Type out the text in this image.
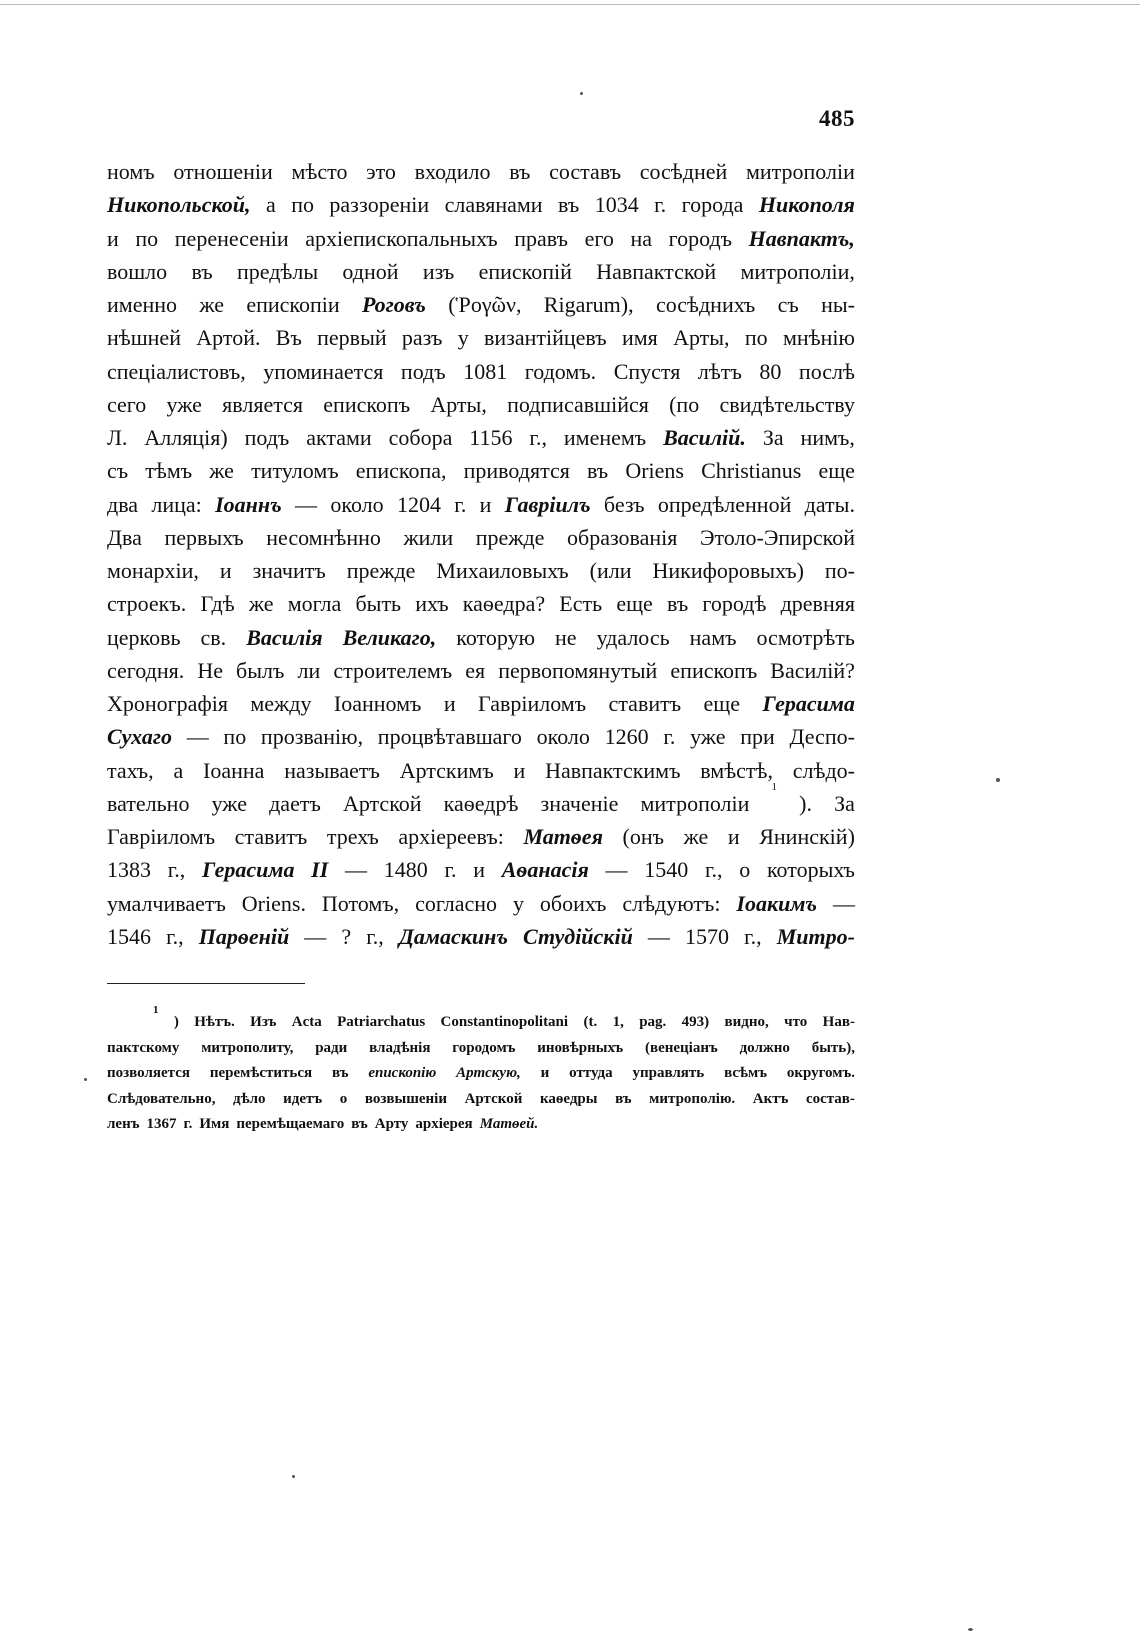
485
номъ отношеніи мѣсто это входило въ составъ сосѣдней митрополіи
Никопольской, а по раззореніи славянами въ 1034 г. города Никополя
и по перенесеніи архіепископальныхъ правъ его на городъ Навпактъ,
вошло въ предѣлы одной изъ епископій Навпактской митрополіи,
именно же епископіи Роговъ (Ῥογῶν, Rigarum), сосѣднихъ съ ны-
нѣшней Артой. Въ первый разъ у византійцевъ имя Арты, по мнѣнію
спеціалистовъ, упоминается подъ 1081 годомъ. Спустя лѣтъ 80 послѣ
сего уже является епископъ Арты, подписавшійся (по свидѣтельству
Л. Алляція) подъ актами собора 1156 г., именемъ Василій. За нимъ,
съ тѣмъ же титуломъ епископа, приводятся въ Oriens Christianus еще
два лица: Іоаннъ — около 1204 г. и Гавріилъ безъ опредѣленной даты.
Два первыхъ несомнѣнно жили прежде образованія Этоло-Эпирской
монархіи, и значитъ прежде Михаиловыхъ (или Никифоровыхъ) по-
строекъ. Гдѣ же могла быть ихъ каѳедра? Есть еще въ городѣ древняя
церковь св. Василія Великаго, которую не удалось намъ осмотрѣть
сегодня. Не былъ ли строителемъ ея первопомянутый епископъ Василій?
Хронографія между Іоанномъ и Гавріиломъ ставитъ еще Герасима
Сухаго — по прозванію, процвѣтавшаго около 1260 г. уже при Деспо-
тахъ, а Іоанна называетъ Артскимъ и Навпактскимъ вмѣстѣ, слѣдо-
вательно уже даетъ Артской каѳедрѣ значеніе митрополіи
1
). За
Гавріиломъ ставитъ трехъ архіереевъ: Матѳея (онъ же и Янинскій)
1383 г., Герасима II — 1480 г. и Аѳанасія — 1540 г., о которыхъ
умалчиваетъ Oriens. Потомъ, согласно у обоихъ слѣдуютъ: Іоакимъ —
1546 г., Парѳеній — ? г., Дамаскинъ Студійскій — 1570 г., Митро-
1
) Нѣтъ. Изъ Acta Patriarchatus Constantinopolitani (t. 1, pag. 493) видно, что Нав-
пактскому митрополиту, ради владѣнія городомъ иновѣрныхъ (венеціанъ должно быть),
позволяется перемѣститься въ епископію Артскую, и оттуда управлять всѣмъ округомъ.
Слѣдовательно, дѣло идетъ о возвышеніи Артской каѳедры въ митрополію. Актъ состав-
ленъ 1367 г. Имя перемѣщаемаго въ Арту архіерея Матѳей.
